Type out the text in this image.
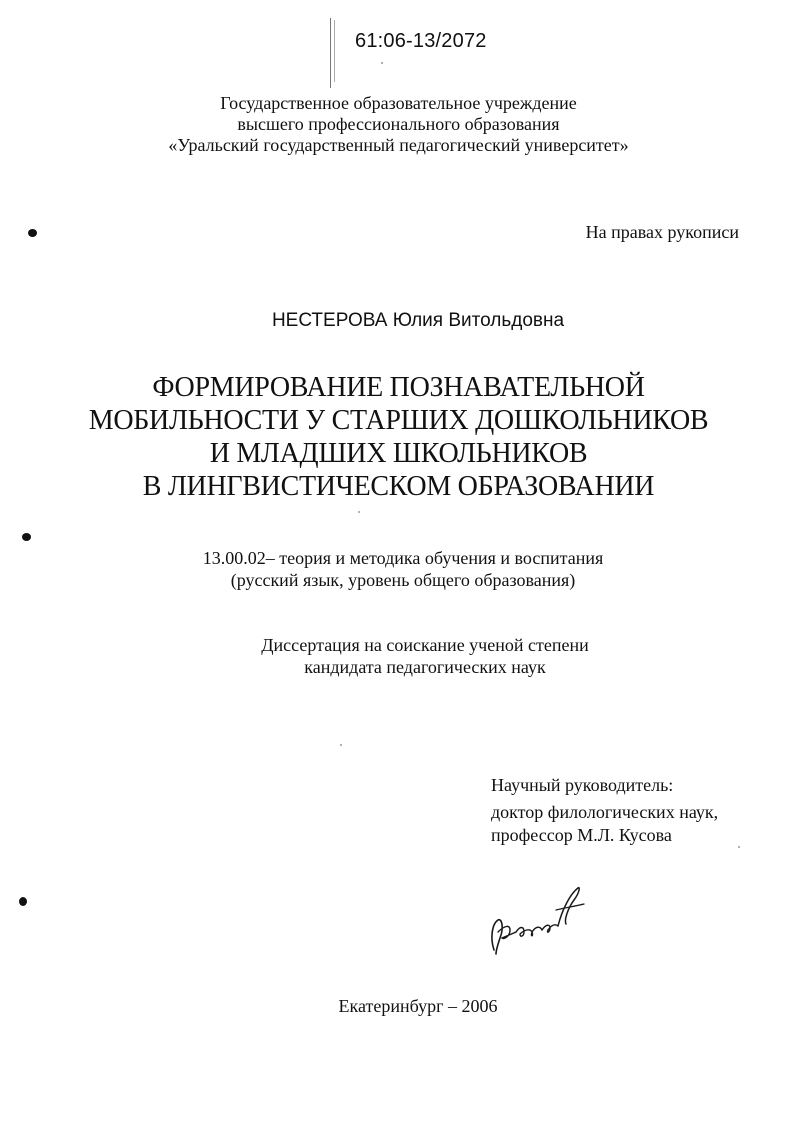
61:06-13/2072
Государственное образовательное учреждение
высшего профессионального образования
«Уральский государственный педагогический университет»
На правах рукописи
НЕСТЕРОВА Юлия Витольдовна
ФОРМИРОВАНИЕ ПОЗНАВАТЕЛЬНОЙ
МОБИЛЬНОСТИ У СТАРШИХ ДОШКОЛЬНИКОВ
И МЛАДШИХ ШКОЛЬНИКОВ
В ЛИНГВИСТИЧЕСКОМ ОБРАЗОВАНИИ
13.00.02– теория и методика обучения и воспитания
(русский язык, уровень общего образования)
Диссертация на соискание ученой степени
кандидата педагогических наук
Научный руководитель:
доктор филологических наук,
профессор М.Л. Кусова
Екатеринбург – 2006
